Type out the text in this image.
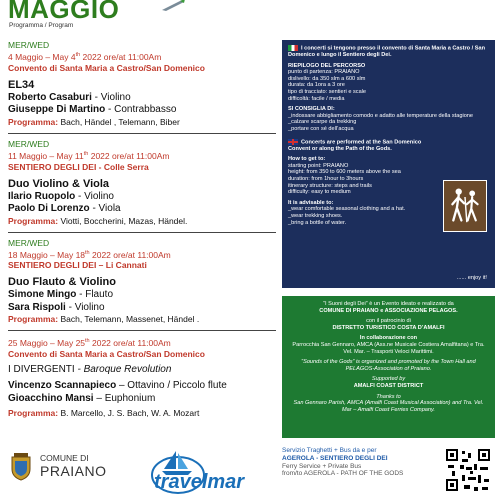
MAGGIO
Programma / Program
MER/WED
4 Maggio – May 4th 2022 ore/at 11:00Am
Convento di Santa Maria a Castro/San Domenico
EL34
Roberto Casaburi - Violino
Giuseppe Di Martino - Contrabbasso
Programma: Bach, Händel , Telemann, Biber
MER/WED
11 Maggio – May 11th 2022 ore/at 11:00Am
SENTIERO DEGLI DEI - Colle Serra
Duo Violino & Viola
Ilario Ruopolo - Violino
Paolo Di Lorenzo - Viola
Programma: Viotti, Boccherini, Mazas, Händel.
MER/WED
18 Maggio – May 18th 2022 ore/at 11:00Am
SENTIERO DEGLI DEI – Li Cannati
Duo Flauto & Violino
Simone Mingo - Flauto
Sara Rispoli - Violino
Programma: Bach, Telemann, Massenet, Händel .
25 Maggio – May 25th 2022 ore/at 11:00Am
Convento di Santa Maria a Castro/San Domenico
I DIVERGENTI - Baroque Revolution
Vincenzo Scannapieco – Ottavino / Piccolo flute
Gioacchino Mansi – Euphonium
Programma: B. Marcello, J. S. Bach, W. A. Mozart
I concerti si tengono presso il convento di Santa Maria a Castro / San Domenico e lungo il Sentiero degli Dei.
RIEPILOGO DEL PERCORSO
punto di partenza: PRAIANO
dislivello: da 350 slm a 600 slm
durata: da 1ora a 3 ore
tipo di tracciato: sentieri e scale
difficoltà: facile / media
SI CONSIGLIA DI:
_indossare abbigliamento comodo e adatto alle temperature della stagione
_calzare scarpe da trekking
_portare con sé dell’acqua
Concerts are performed at the San Domenico Convent or along the Path of the Gods.
How to get to:
starting point: PRAIANO
height: from 350 to 600 meters above the sea
duration: from 1hour to 3hours
itinerary structure: steps and trails
difficulty: easy to medium
It is advisable to:
_wear comfortable seasonal clothing and a hat.
_wear trekking shoes.
_bring a bottle of water.
...... enjoy it!
“I Suoni degli Dei” è un Evento ideato e realizzato da
COMUNE DI PRAIANO e ASSOCIAZIONE PELAGOS.
con il patrocinio di
DISTRETTO TURISTICO COSTA D’AMALFI
In collaborazione con
Parrocchia San Gennaro, AMCA (Ass.ne Musicale Costiera Amalfitana) e Tra. Vel. Mar. – Trasporti Veloci Marittimi.
“Sounds of the Gods” is organized and promoted by the Town Hall and PELAGOS-Association of Praiano.
Supported by
AMALFI COAST DISTRICT
Thanks to
San Gennaro Parish, AMCA (Amalfi Coast Musical Association) and Tra. Vel. Mar – Amalfi Coast Ferries Company.
COMUNE DI
PRAIANO travelmar
Servizio Traghetti + Bus da e per
AGEROLA - SENTIERO DEGLI DEI
Ferry Service + Private Bus
from/to AGEROLA - PATH OF THE GODS
